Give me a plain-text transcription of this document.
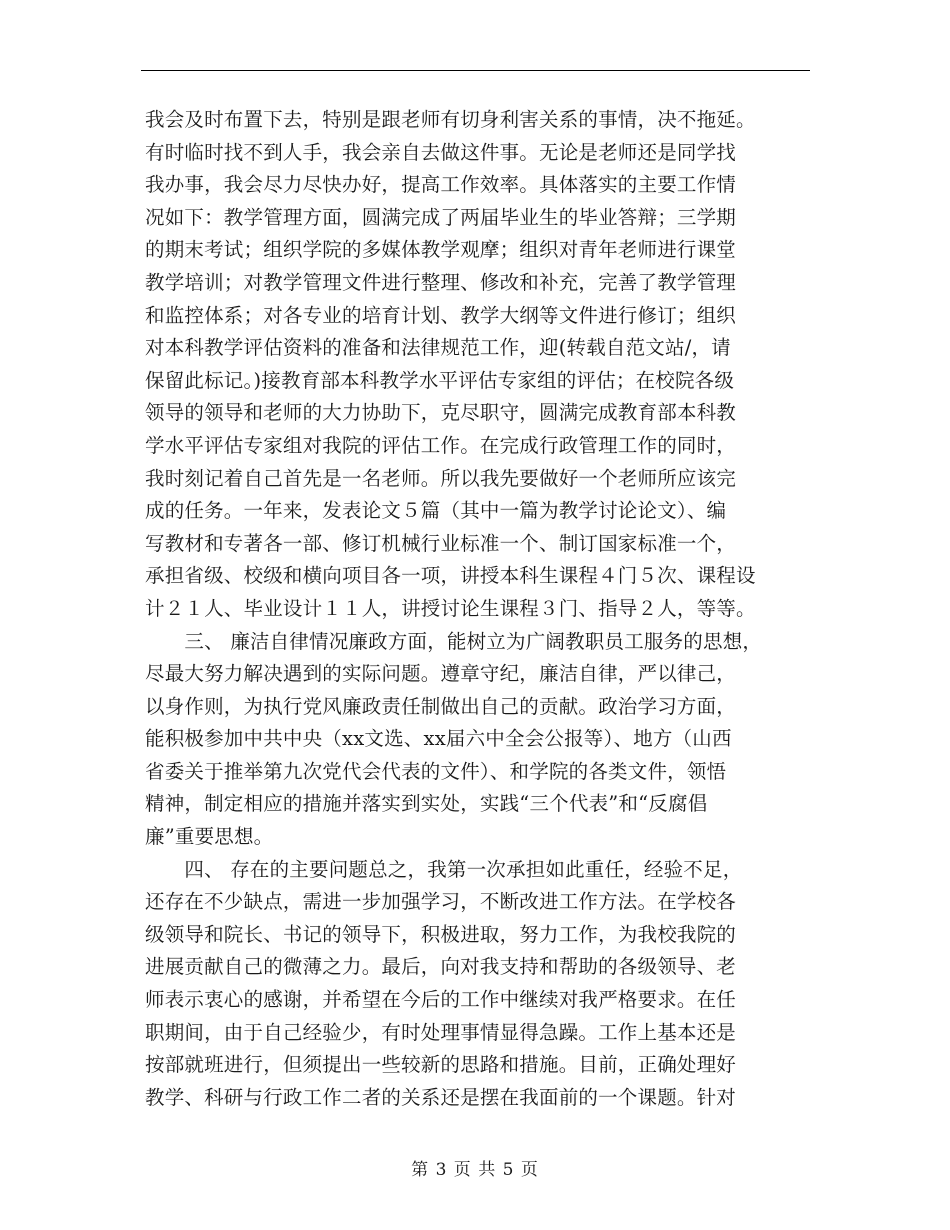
我会及时布置下去，特别是跟老师有切身利害关系的事情，决不拖延。
有时临时找不到人手，我会亲自去做这件事。无论是老师还是同学找
我办事，我会尽力尽快办好，提高工作效率。具体落实的主要工作情
况如下：教学管理方面，圆满完成了两届毕业生的毕业答辩；三学期
的期末考试；组织学院的多媒体教学观摩；组织对青年老师进行课堂
教学培训；对教学管理文件进行整理、修改和补充，完善了教学管理
和监控体系；对各专业的培育计划、教学大纲等文件进行修订；组织
对本科教学评估资料的准备和法律规范工作，迎(转载自范文站/，请
保留此标记。)接教育部本科教学水平评估专家组的评估；在校院各级
领导的领导和老师的大力协助下，克尽职守，圆满完成教育部本科教
学水平评估专家组对我院的评估工作。在完成行政管理工作的同时，
我时刻记着自己首先是一名老师。所以我先要做好一个老师所应该完
成的任务。一年来，发表论文５篇（其中一篇为教学讨论论文）、编
写教材和专著各一部、修订机械行业标准一个、制订国家标准一个，
承担省级、校级和横向项目各一项，讲授本科生课程４门５次、课程设
计２１人、毕业设计１１人，讲授讨论生课程３门、指导２人，等等。
　　三、 廉洁自律情况廉政方面，能树立为广阔教职员工服务的思想，
尽最大努力解决遇到的实际问题。遵章守纪，廉洁自律，严以律己，
以身作则，为执行党风廉政责任制做出自己的贡献。政治学习方面，
能积极参加中共中央（xx文选、xx届六中全会公报等）、地方（山西
省委关于推举第九次党代会代表的文件）、和学院的各类文件，领悟
精神，制定相应的措施并落实到实处，实践“三个代表”和“反腐倡
廉”重要思想。
　　四、 存在的主要问题总之，我第一次承担如此重任，经验不足，
还存在不少缺点，需进一步加强学习，不断改进工作方法。在学校各
级领导和院长、书记的领导下，积极进取，努力工作，为我校我院的
进展贡献自己的微薄之力。最后，向对我支持和帮助的各级领导、老
师表示衷心的感谢，并希望在今后的工作中继续对我严格要求。在任
职期间，由于自己经验少，有时处理事情显得急躁。工作上基本还是
按部就班进行，但须提出一些较新的思路和措施。目前，正确处理好
教学、科研与行政工作二者的关系还是摆在我面前的一个课题。针对
第 3 页 共 5 页
